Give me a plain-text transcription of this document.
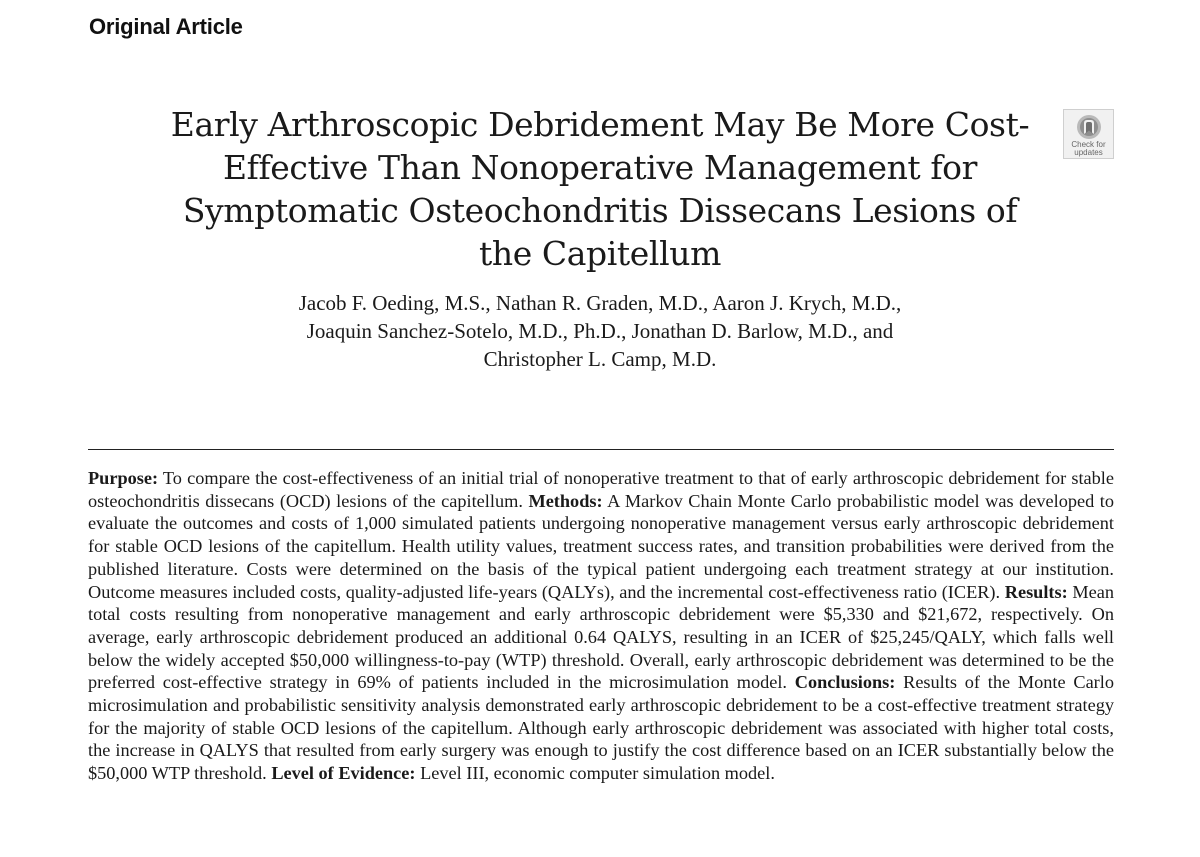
Original Article
Early Arthroscopic Debridement May Be More Cost-
Effective Than Nonoperative Management for
Symptomatic Osteochondritis Dissecans Lesions of
the Capitellum
Check for
updates

Jacob F. Oeding, M.S., Nathan R. Graden, M.D., Aaron J. Krych, M.D.,
Joaquin Sanchez-Sotelo, M.D., Ph.D., Jonathan D. Barlow, M.D., and
Christopher L. Camp, M.D.

Purpose: To compare the cost-effectiveness of an initial trial of nonoperative treatment to that of early arthroscopic debridement for stable osteochondritis dissecans (OCD) lesions of the capitellum. Methods: A Markov Chain Monte Carlo probabilistic model was developed to evaluate the outcomes and costs of 1,000 simulated patients undergoing nonoperative management versus early arthroscopic debridement for stable OCD lesions of the capitellum. Health utility values, treatment success rates, and transition probabilities were derived from the published literature. Costs were determined on the basis of the typical patient undergoing each treatment strategy at our institution. Outcome measures included costs, quality-adjusted life-years (QALYs), and the incremental cost-effectiveness ratio (ICER). Results: Mean total costs resulting from nonoperative management and early arthroscopic debridement were $5,330 and $21,672, respectively. On average, early arthroscopic debridement produced an additional 0.64 QALYS, resulting in an ICER of $25,245/QALY, which falls well below the widely accepted $50,000 willingness-to-pay (WTP) threshold. Overall, early arthroscopic debridement was determined to be the preferred cost-effective strategy in 69% of patients included in the microsimulation model. Conclusions: Results of the Monte Carlo microsimulation and probabilistic sensitivity analysis demonstrated early arthroscopic debridement to be a cost-effective treatment strategy for the majority of stable OCD lesions of the capitellum. Although early arthroscopic debridement was associated with higher total costs, the increase in QALYS that resulted from early surgery was enough to justify the cost difference based on an ICER substantially below the $50,000 WTP threshold. Level of Evidence: Level III, economic computer simulation model.
